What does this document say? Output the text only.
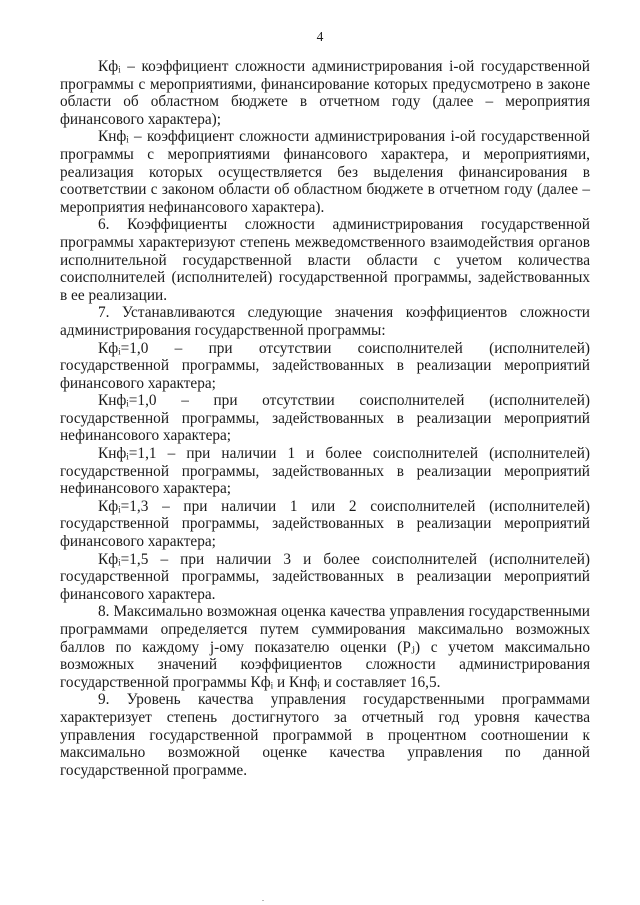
4

Кфᵢ – коэффициент сложности администрирования i-ой государственной программы с мероприятиями, финансирование которых предусмотрено в законе области об областном бюджете в отчетном году (далее – мероприятия финансового характера);

Кнфᵢ – коэффициент сложности администрирования i-ой государственной программы с мероприятиями финансового характера, и мероприятиями, реализация которых осуществляется без выделения финансирования в соответствии с законом области об областном бюджете в отчетном году (далее – мероприятия нефинансового характера).

6. Коэффициенты сложности администрирования государственной программы характеризуют степень межведомственного взаимодействия органов исполнительной государственной власти области с учетом количества соисполнителей (исполнителей) государственной программы, задействованных в ее реализации.

7. Устанавливаются следующие значения коэффициентов сложности администрирования государственной программы:

Кфᵢ=1,0 – при отсутствии соисполнителей (исполнителей) государственной программы, задействованных в реализации мероприятий финансового характера;

Кнфᵢ=1,0 – при отсутствии соисполнителей (исполнителей) государственной программы, задействованных в реализации мероприятий нефинансового характера;

Кнфᵢ=1,1 – при наличии 1 и более соисполнителей (исполнителей) государственной программы, задействованных в реализации мероприятий нефинансового характера;

Кфᵢ=1,3 – при наличии 1 или 2 соисполнителей (исполнителей) государственной программы, задействованных в реализации мероприятий финансового характера;

Кфᵢ=1,5 – при наличии 3 и более соисполнителей (исполнителей) государственной программы, задействованных в реализации мероприятий финансового характера.

8. Максимально возможная оценка качества управления государственными программами определяется путем суммирования максимально возможных баллов по каждому j-ому показателю оценки (Pⱼ) с учетом максимально возможных значений коэффициентов сложности администрирования государственной программы Кфᵢ и Кнфᵢ и составляет 16,5.

9. Уровень качества управления государственными программами характеризует степень достигнутого за отчетный год уровня качества управления государственной программой в процентном соотношении к максимально возможной оценке качества управления по данной государственной программе.

.
